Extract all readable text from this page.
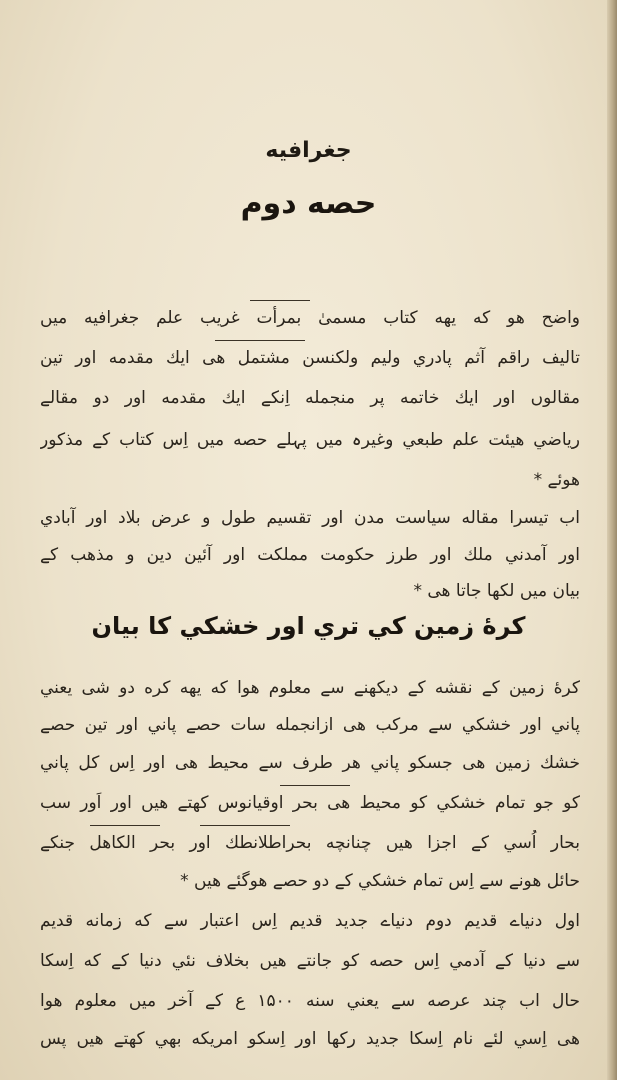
جغرافيه
حصه دوم
واضح هو كه يهه كتاب مسمىٰ بمرأت غريب علم جغرافيه ميں
تاليف راقم آثم پادري وليم ولكنسن مشتمل هى ايك مقدمه اور تين
مقالوں اور ايك خاتمه پر منجمله اِنكے ايك مقدمه اور دو مقالے
رياضي هيئت علم طبعي وغيرہ ميں پہلے حصه ميں اِس كتاب كے مذكور
هوئے *
اب تيسرا مقاله سياست مدن اور تقسيم طول و عرض بلاد اور آبادي
اور آمدني ملك اور طرز حكومت مملكت اور آئين دين و مذهب كے
بيان ميں لكها جاتا هى *
كرهٔ زمين كي تري اور خشكي كا بيان
كرهٔ زمين كے نقشه كے ديكهنے سے معلوم هوا كه يهه كره دو شى يعني
پاني اور خشكي سے مركب هى ازانجمله سات حصے پاني اور تين حصے
خشك زمين هى جسكو پاني هر طرف سے محيط هى اور اِس كل پاني
كو جو تمام خشكي كو محيط هى بحر اوقيانوس كهتے هيں اور اَور سب
بحار اُسي كے اجزا هيں چنانچه بحراطلانطك اور بحر الكاهل جنكے
حائل هونے سے اِس تمام خشكي كے دو حصے هوگئے هيں *
اول دنياے قديم دوم دنياے جديد قديم اِس اعتبار سے كه زمانه قديم
سے دنيا كے آدمي اِس حصه كو جانتے هيں بخلاف نئي دنيا كے كه اِسكا
حال اب چند عرصه سے يعني سنه ۱۵۰۰ ع كے آخر ميں معلوم هوا
هى اِسي لئے نام اِسكا جديد ركها اور اِسكو امريكه بهي كهتے هيں پس
